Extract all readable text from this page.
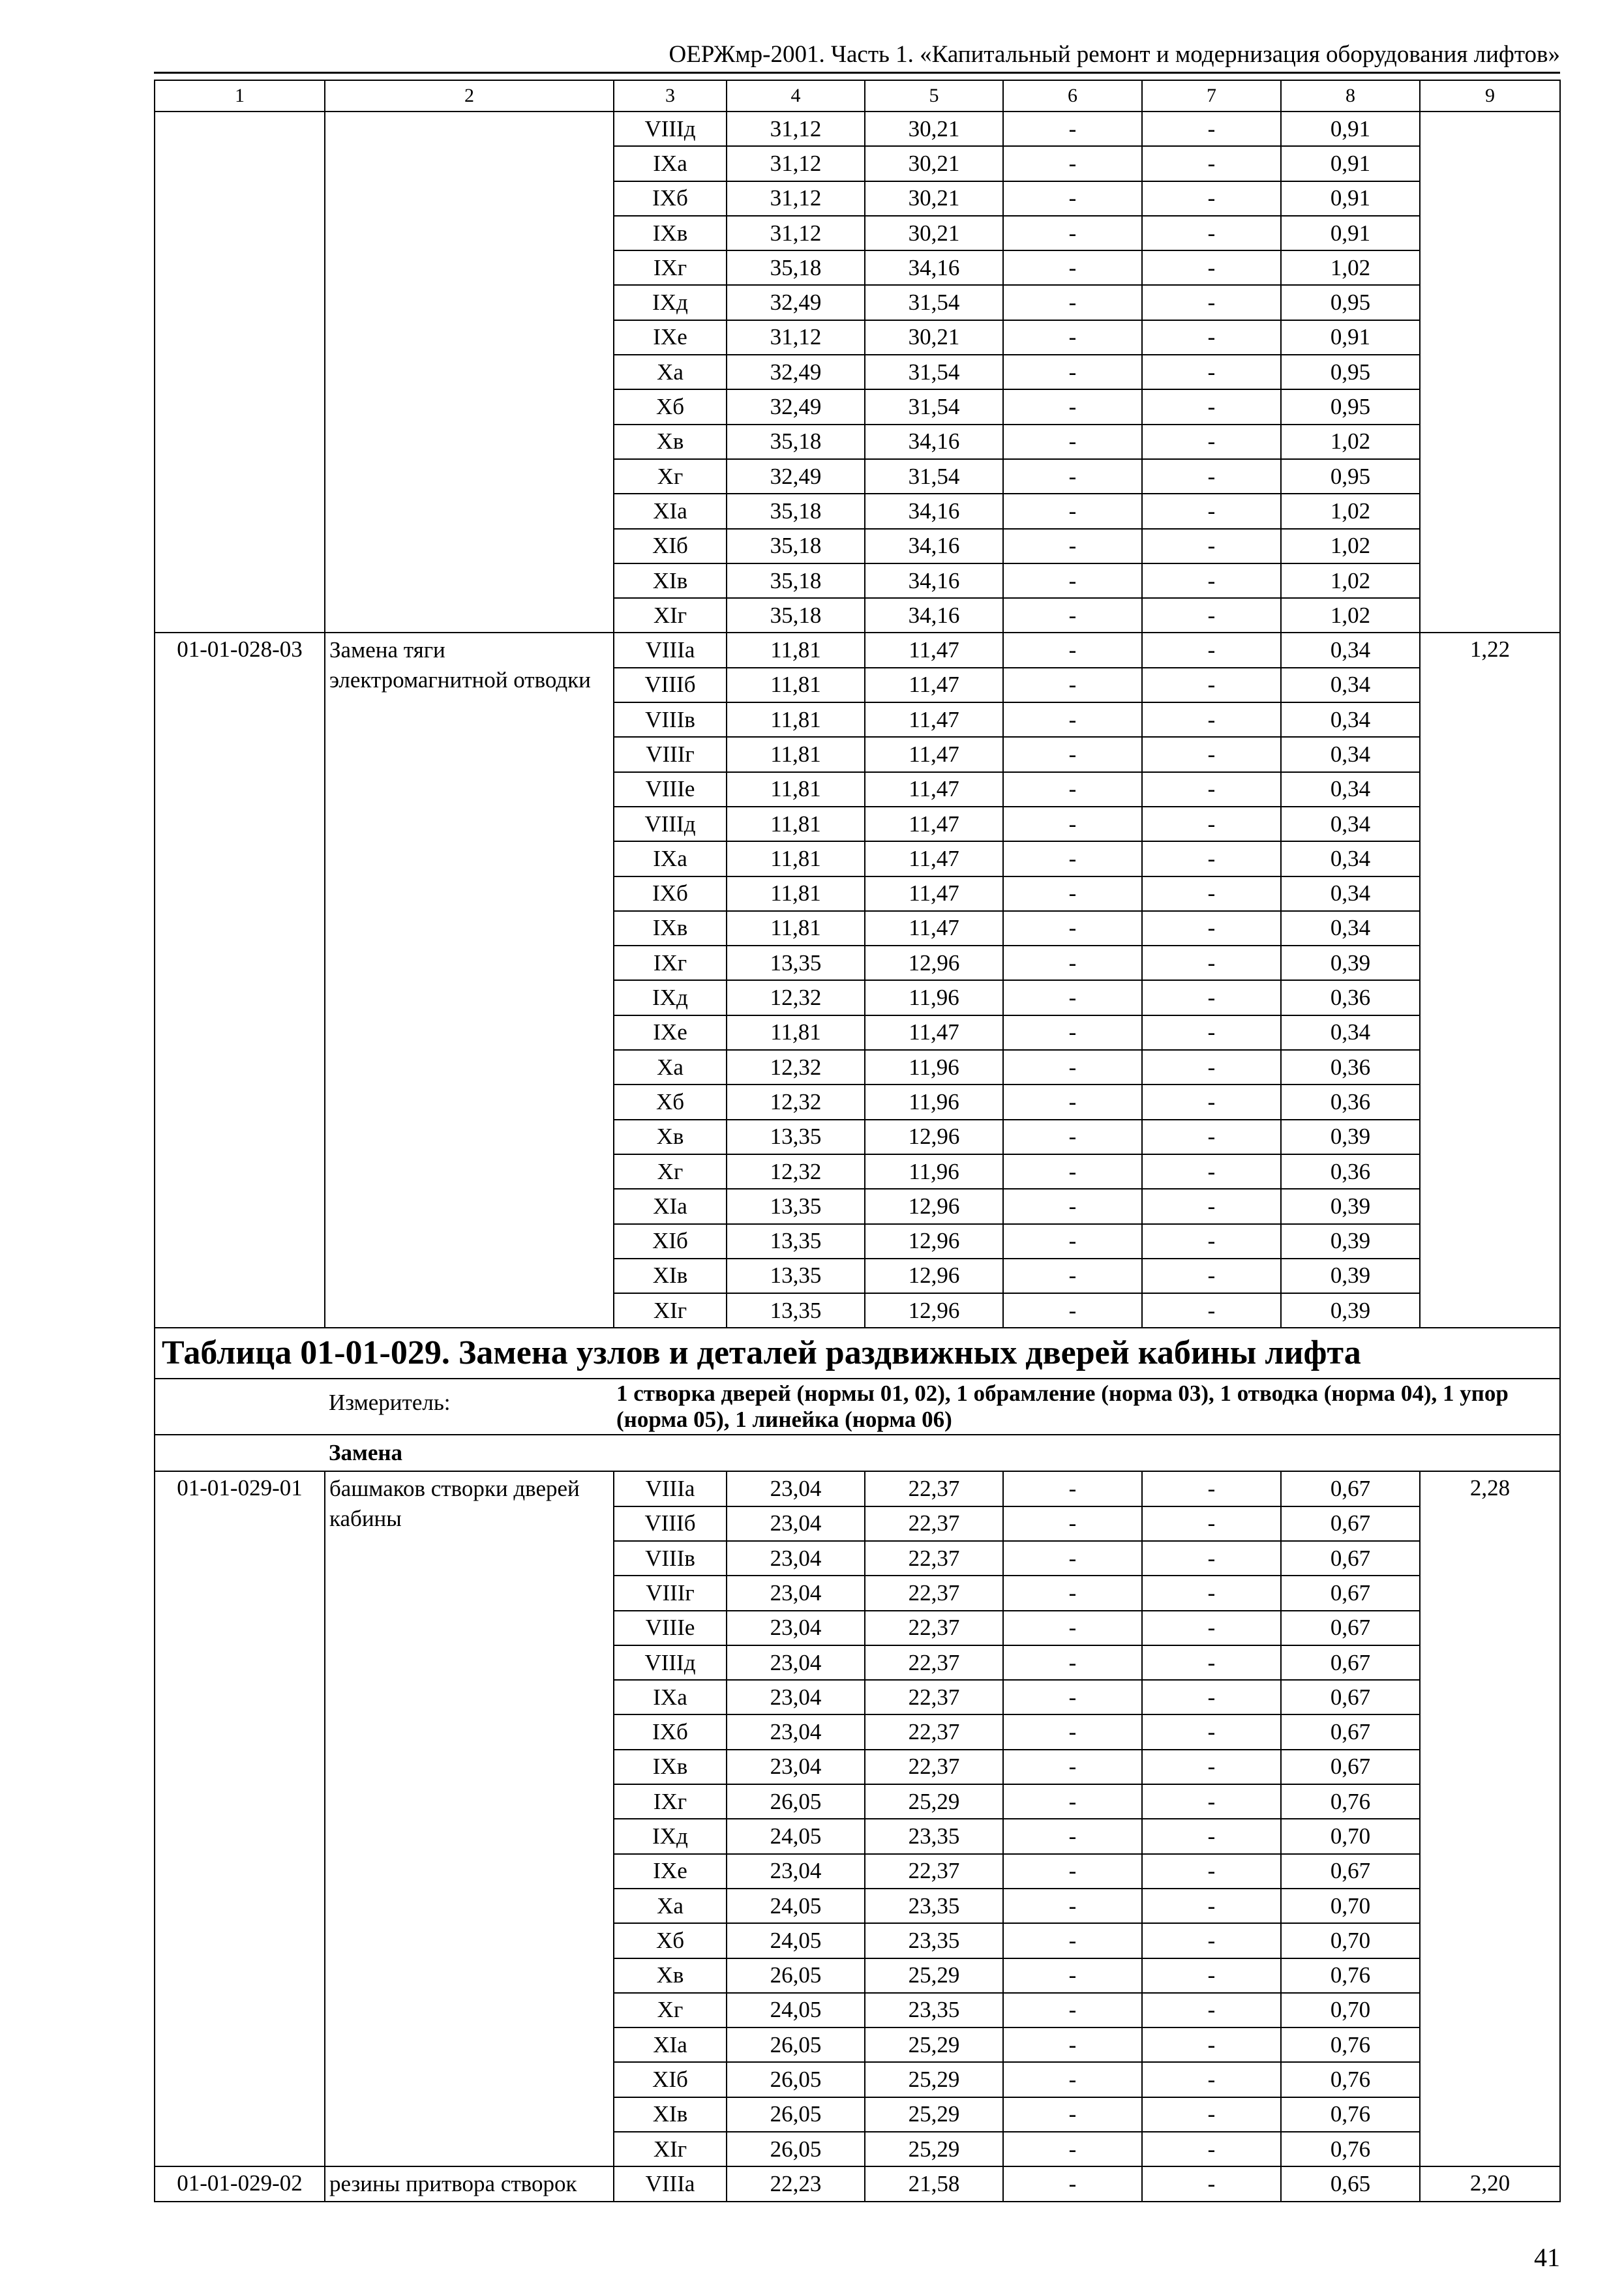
ОЕРЖмр-2001. Часть 1. «Капитальный ремонт и модернизация оборудования лифтов»
1	2	3	4	5	6	7	8	9
		VIIIд	31,12	30,21	-	-	0,91	
		IXа	31,12	30,21	-	-	0,91	
		IXб	31,12	30,21	-	-	0,91	
		IXв	31,12	30,21	-	-	0,91	
		IXг	35,18	34,16	-	-	1,02	
		IXд	32,49	31,54	-	-	0,95	
		IXе	31,12	30,21	-	-	0,91	
		Xа	32,49	31,54	-	-	0,95	
		Xб	32,49	31,54	-	-	0,95	
		Xв	35,18	34,16	-	-	1,02	
		Xг	32,49	31,54	-	-	0,95	
		XIа	35,18	34,16	-	-	1,02	
		XIб	35,18	34,16	-	-	1,02	
		XIв	35,18	34,16	-	-	1,02	
		XIг	35,18	34,16	-	-	1,02	
01-01-028-03	Замена тяги электромагнитной отводки	VIIIа	11,81	11,47	-	-	0,34	1,22
		VIIIб	11,81	11,47	-	-	0,34	
		VIIIв	11,81	11,47	-	-	0,34	
		VIIIг	11,81	11,47	-	-	0,34	
		VIIIе	11,81	11,47	-	-	0,34	
		VIIIд	11,81	11,47	-	-	0,34	
		IXа	11,81	11,47	-	-	0,34	
		IXб	11,81	11,47	-	-	0,34	
		IXв	11,81	11,47	-	-	0,34	
		IXг	13,35	12,96	-	-	0,39	
		IXд	12,32	11,96	-	-	0,36	
		IXе	11,81	11,47	-	-	0,34	
		Xа	12,32	11,96	-	-	0,36	
		Xб	12,32	11,96	-	-	0,36	
		Xв	13,35	12,96	-	-	0,39	
		Xг	12,32	11,96	-	-	0,36	
		XIа	13,35	12,96	-	-	0,39	
		XIб	13,35	12,96	-	-	0,39	
		XIв	13,35	12,96	-	-	0,39	
		XIг	13,35	12,96	-	-	0,39	
Таблица 01-01-029. Замена узлов и деталей раздвижных дверей кабины лифта								
	Измеритель:	1 створка дверей (нормы 01, 02), 1 обрамление (норма 03), 1 отводка (норма 04), 1 упор (норма 05), 1 линейка (норма 06)						
	Замена							
01-01-029-01	башмаков створки дверей кабины	VIIIа	23,04	22,37	-	-	0,67	2,28
		VIIIб	23,04	22,37	-	-	0,67	
		VIIIв	23,04	22,37	-	-	0,67	
		VIIIг	23,04	22,37	-	-	0,67	
		VIIIе	23,04	22,37	-	-	0,67	
		VIIIд	23,04	22,37	-	-	0,67	
		IXа	23,04	22,37	-	-	0,67	
		IXб	23,04	22,37	-	-	0,67	
		IXв	23,04	22,37	-	-	0,67	
		IXг	26,05	25,29	-	-	0,76	
		IXд	24,05	23,35	-	-	0,70	
		IXе	23,04	22,37	-	-	0,67	
		Xа	24,05	23,35	-	-	0,70	
		Xб	24,05	23,35	-	-	0,70	
		Xв	26,05	25,29	-	-	0,76	
		Xг	24,05	23,35	-	-	0,70	
		XIа	26,05	25,29	-	-	0,76	
		XIб	26,05	25,29	-	-	0,76	
		XIв	26,05	25,29	-	-	0,76	
		XIг	26,05	25,29	-	-	0,76	
01-01-029-02	резины притвора створок	VIIIа	22,23	21,58	-	-	0,65	2,20
41
